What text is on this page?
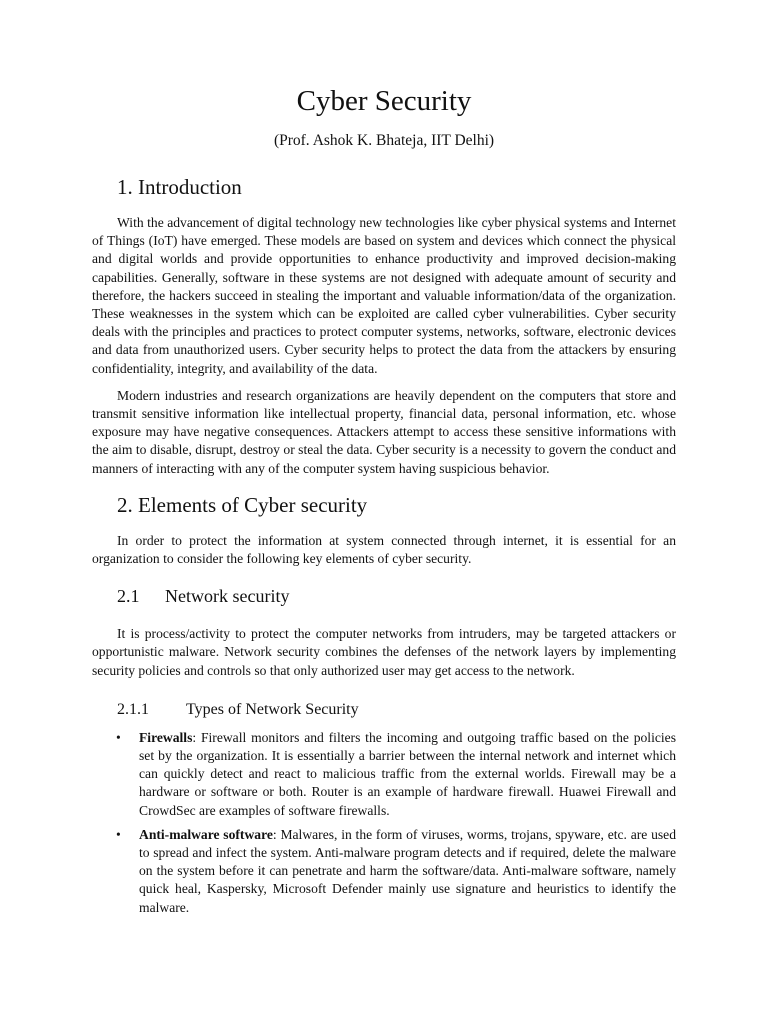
Cyber Security
(Prof. Ashok K. Bhateja, IIT Delhi)
1. Introduction

With the advancement of digital technology new technologies like cyber physical systems and Internet of Things (IoT) have emerged. These models are based on system and devices which connect the physical and digital worlds and provide opportunities to enhance productivity and improved decision-making capabilities. Generally, software in these systems are not designed with adequate amount of security and therefore, the hackers succeed in stealing the important and valuable information/data of the organization. These weaknesses in the system which can be exploited are called cyber vulnerabilities. Cyber security deals with the principles and practices to protect computer systems, networks, software, electronic devices and data from unauthorized users. Cyber security helps to protect the data from the attackers by ensuring confidentiality, integrity, and availability of the data.

Modern industries and research organizations are heavily dependent on the computers that store and transmit sensitive information like intellectual property, financial data, personal information, etc. whose exposure may have negative consequences. Attackers attempt to access these sensitive informations with the aim to disable, disrupt, destroy or steal the data. Cyber security is a necessity to govern the conduct and manners of interacting with any of the computer system having suspicious behavior.

2. Elements of Cyber security

In order to protect the information at system connected through internet, it is essential for an organization to consider the following key elements of cyber security.

2.1 Network security

It is process/activity to protect the computer networks from intruders, may be targeted attackers or opportunistic malware. Network security combines the defenses of the network layers by implementing security policies and controls so that only authorized user may get access to the network.

2.1.1 Types of Network Security
• Firewalls: Firewall monitors and filters the incoming and outgoing traffic based on the policies set by the organization. It is essentially a barrier between the internal network and internet which can quickly detect and react to malicious traffic from the external worlds. Firewall may be a hardware or software or both. Router is an example of hardware firewall. Huawei Firewall and CrowdSec are examples of software firewalls.
• Anti-malware software: Malwares, in the form of viruses, worms, trojans, spyware, etc. are used to spread and infect the system. Anti-malware program detects and if required, delete the malware on the system before it can penetrate and harm the software/data. Anti-malware software, namely quick heal, Kaspersky, Microsoft Defender mainly use signature and heuristics to identify the malware.
